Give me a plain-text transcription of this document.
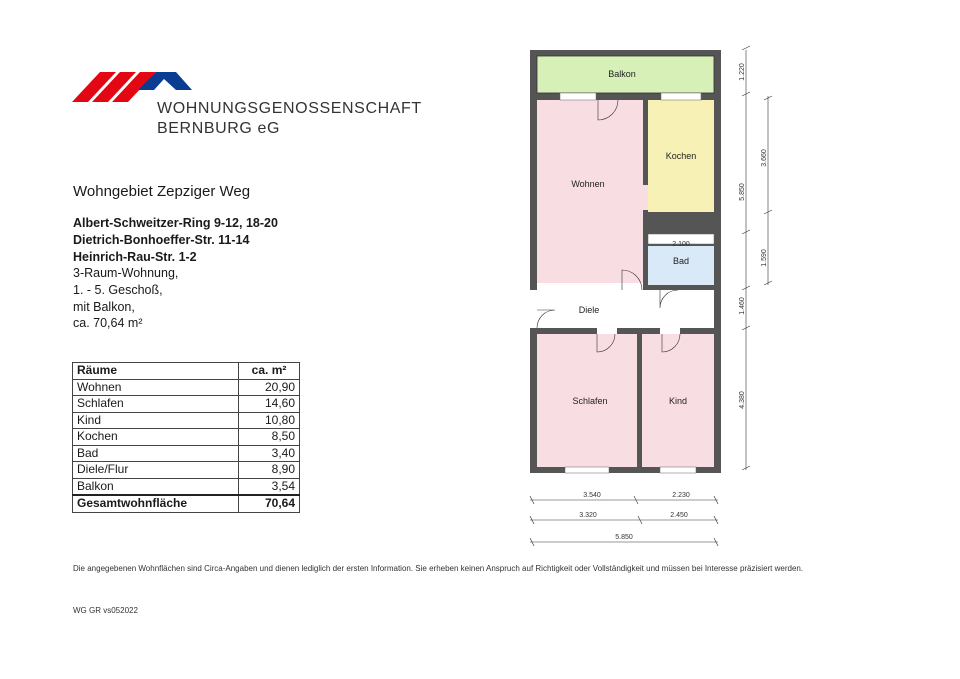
WOHNUNGSGENOSSENSCHAFT
BERNBURG eG
Wohngebiet Zepziger Weg
Albert-Schweitzer-Ring 9-12, 18-20
Dietrich-Bonhoeffer-Str. 11-14
Heinrich-Rau-Str. 1-2
3-Raum-Wohnung,
1. - 5. Geschoß,
mit Balkon,
ca. 70,64 m²
Räume	ca. m²
Wohnen	20,90
Schlafen	14,60
Kind	10,80
Kochen	8,50
Bad	3,40
Diele/Flur	8,90
Balkon	3,54
Gesamtwohnfläche	70,64
Balkon
Wohnen
Kochen
2.100
Bad
Diele
Schlafen	Kind
1.220
3.660
5.850
1.590
1.460
4.380
3.540	2.230
3.320	2.450
5.850
Die angegebenen Wohnflächen sind Circa-Angaben und dienen lediglich der ersten Information. Sie erheben keinen Anspruch auf Richtigkeit oder Vollständigkeit und müssen bei Interesse präzisiert werden.
WG GR vs052022
